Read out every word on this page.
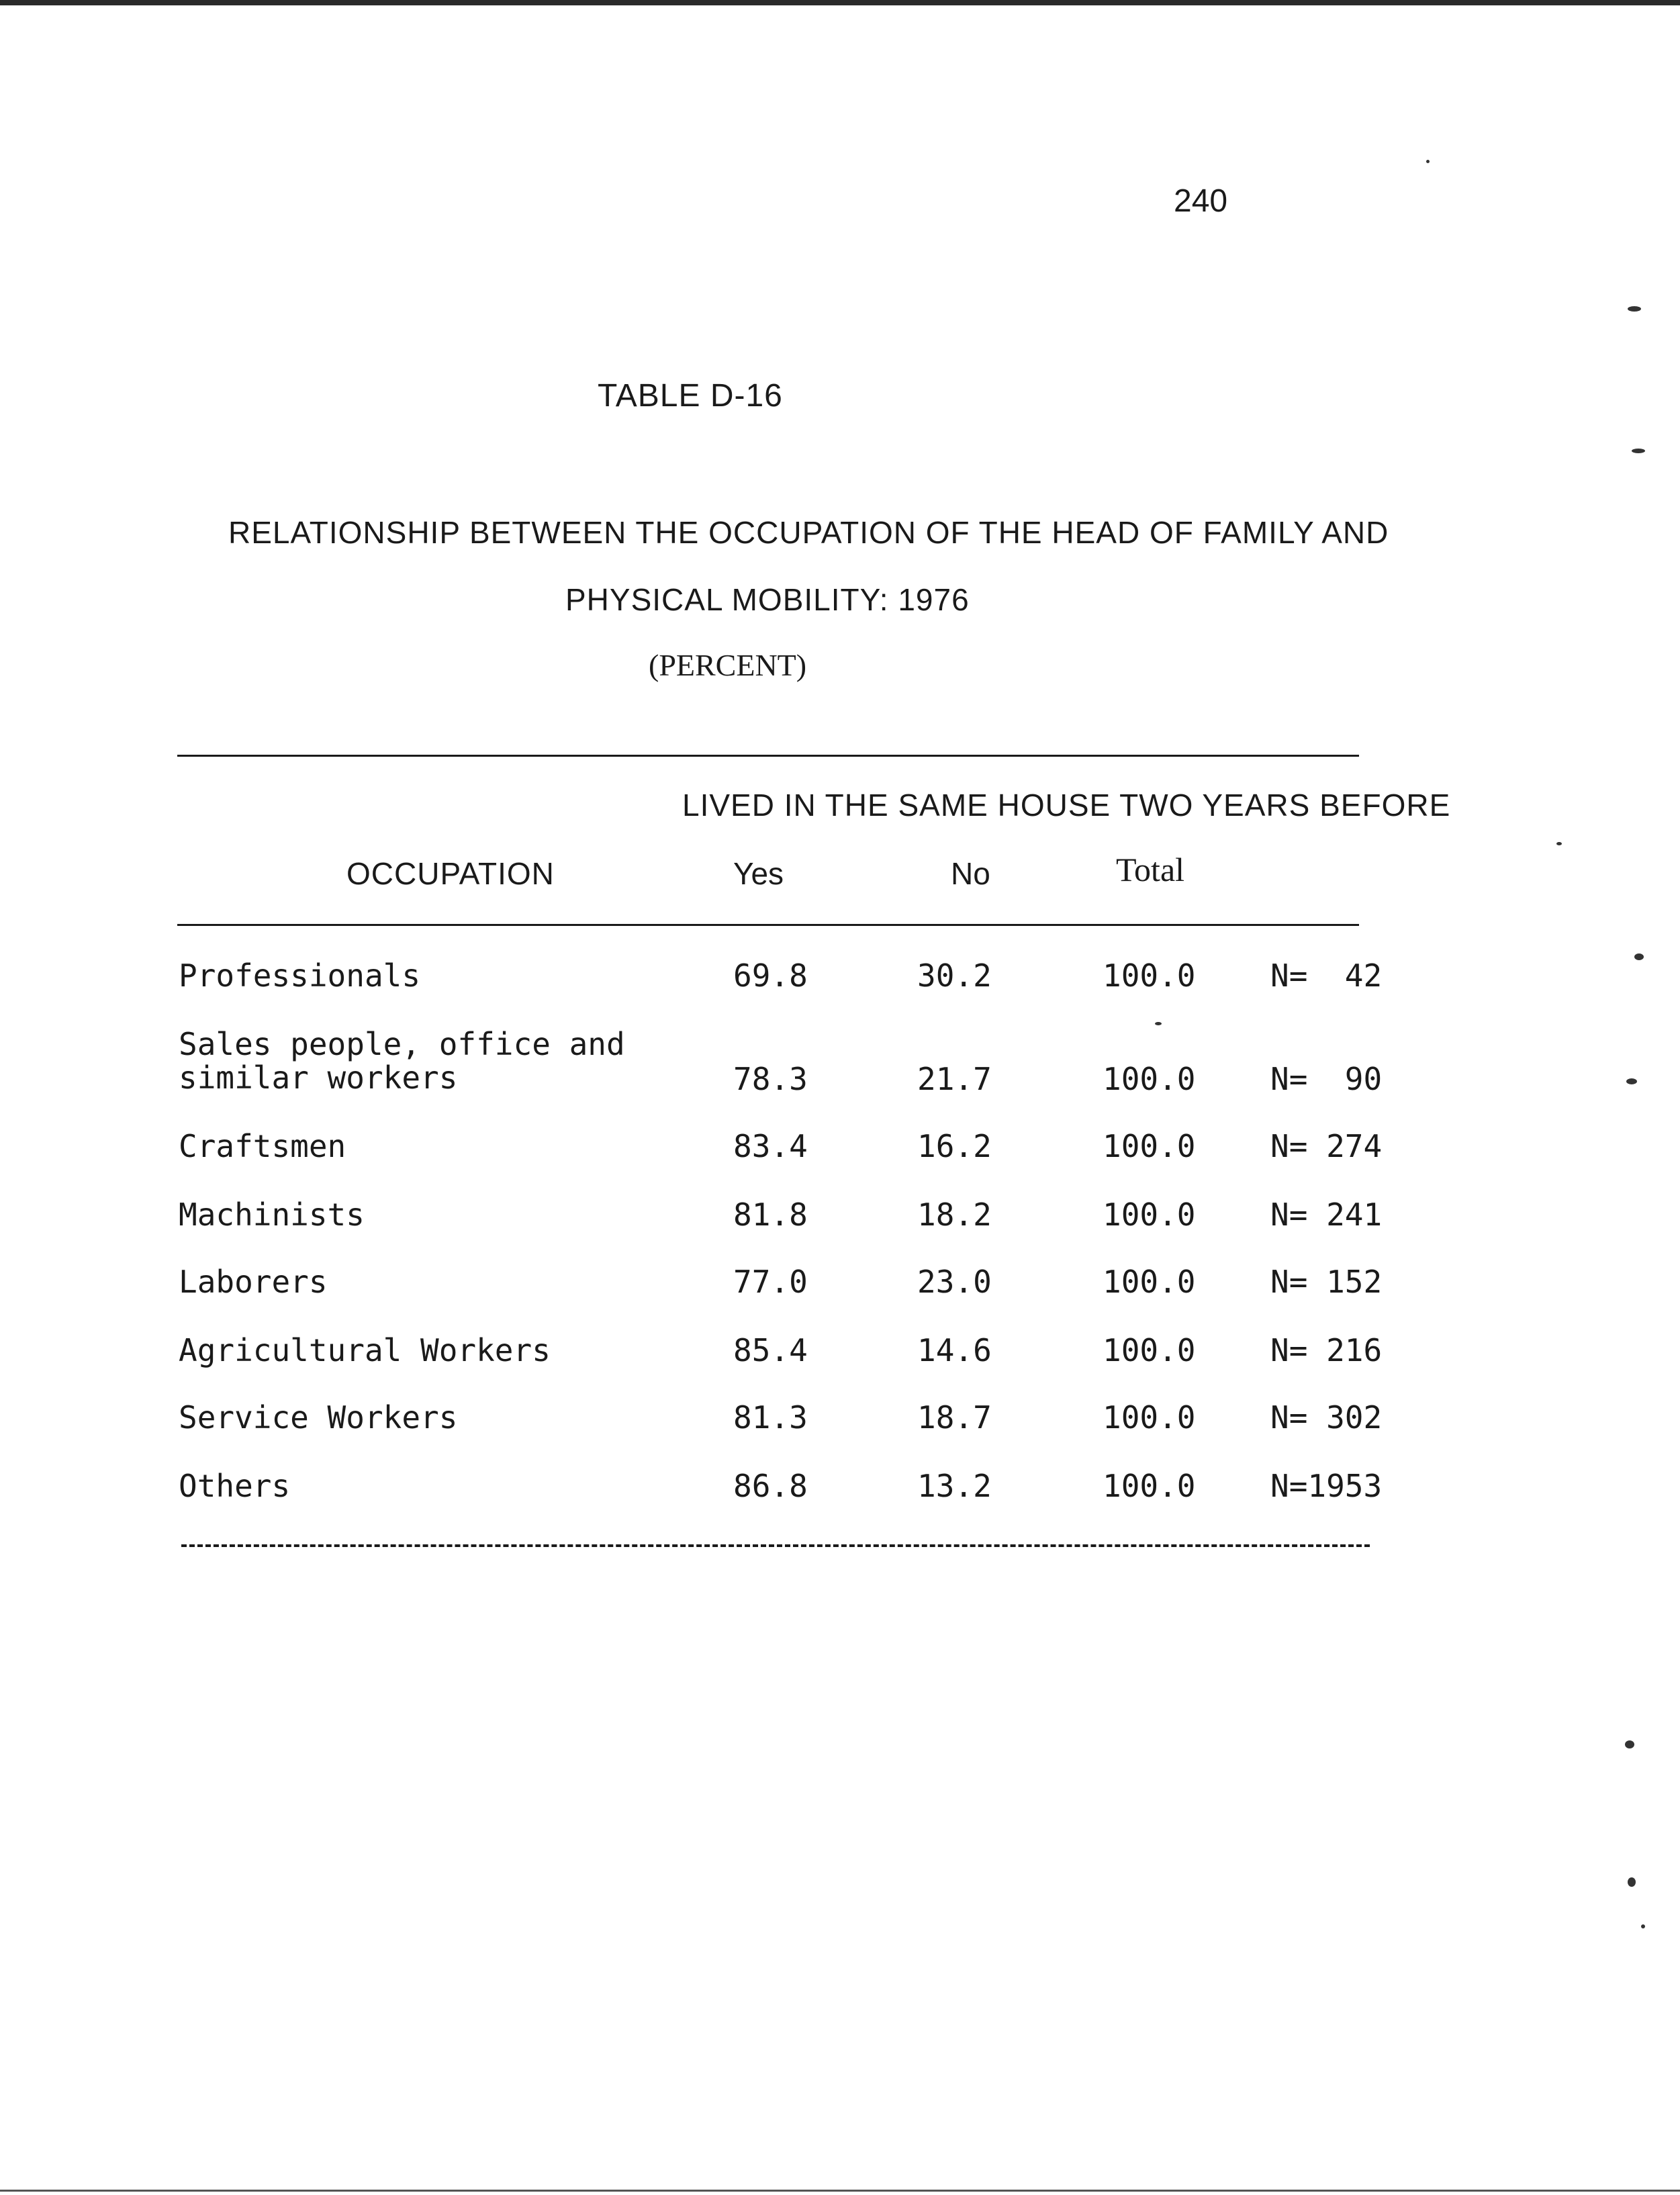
240
TABLE D-16
RELATIONSHIP BETWEEN THE OCCUPATION OF THE HEAD OF FAMILY AND
PHYSICAL MOBILITY: 1976
(PERCENT)
LIVED IN THE SAME HOUSE TWO YEARS BEFORE
OCCUPATION	Yes	No	Total
Professionals	69.8	30.2	100.0 N=  42
Sales people, office and
similar workers	78.3	21.7	100.0 N=  90
Craftsmen	83.4	16.2	100.0 N= 274
Machinists	81.8	18.2	100.0 N= 241
Laborers	77.0	23.0	100.0 N= 152
Agricultural Workers	85.4	14.6	100.0 N= 216
Service Workers	81.3	18.7	100.0 N= 302
Others	86.8	13.2	100.0 N=1953
